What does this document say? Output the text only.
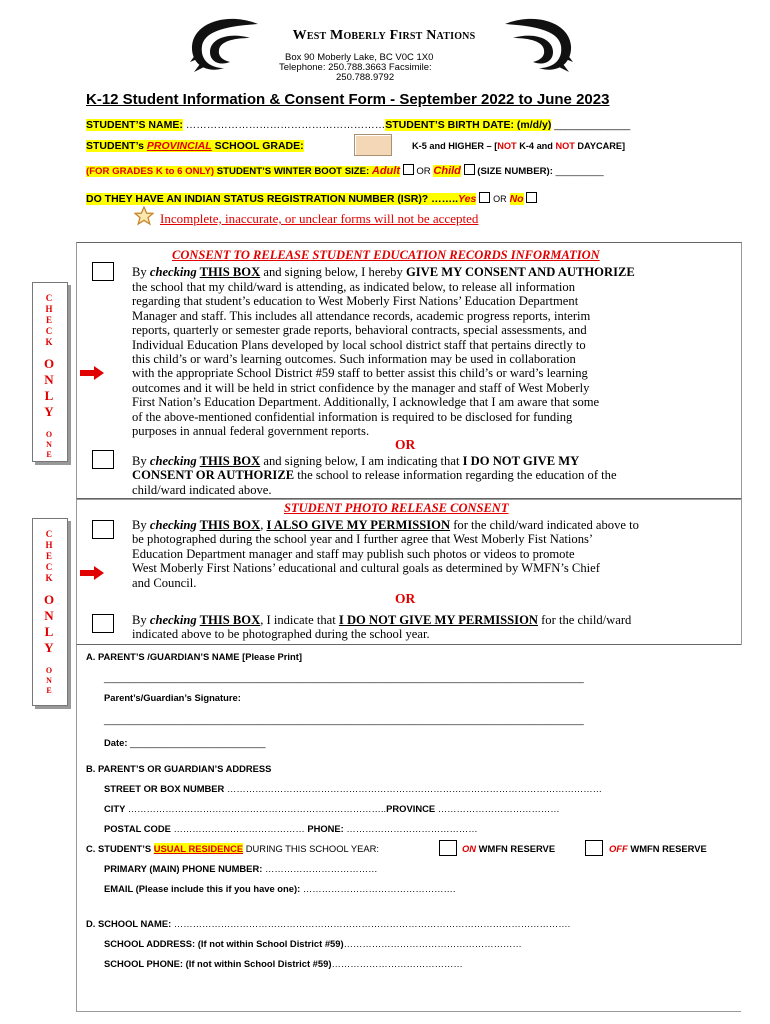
West Moberly First Nations
Box 90 Moberly Lake, BC V0C 1X0
Telephone: 250.788.3663 Facsimile:
250.788.9792
K-12 Student Information & Consent Form - September 2022 to June 2023
STUDENT’S NAME: …………………………………………………STUDENT’S BIRTH DATE: (m/d/y) _____________
STUDENT’s PROVINCIAL SCHOOL GRADE:	K-5 and HIGHER – [NOT K-4 and NOT DAYCARE]
(FOR GRADES K to 6 ONLY) STUDENT’S WINTER BOOT SIZE: Adult OR Child (SIZE NUMBER): _________
DO THEY HAVE AN INDIAN STATUS REGISTRATION NUMBER (ISR)? ……..Yes OR No
Incomplete, inaccurate, or unclear forms will not be accepted
C
H
E
C
K
O
N
L
Y
O
N
E
C
H
E
C
K
O
N
L
Y
O
N
E
CONSENT TO RELEASE STUDENT EDUCATION RECORDS INFORMATION
By checking THIS BOX and signing below, I hereby GIVE MY CONSENT AND AUTHORIZE
the school that my child/ward is attending, as indicated below, to release all information
regarding that student’s education to West Moberly First Nations’ Education Department
Manager and staff. This includes all attendance records, academic progress reports, interim
reports, quarterly or semester grade reports, behavioral contracts, special assessments, and
Individual Education Plans developed by local school district staff that pertains directly to
this child’s or ward’s learning outcomes. Such information may be used in collaboration
with the appropriate School District #59 staff to better assist this child’s or ward’s learning
outcomes and it will be held in strict confidence by the manager and staff of West Moberly
First Nation’s Education Department. Additionally, I acknowledge that I am aware that some
of the above-mentioned confidential information is required to be disclosed for funding
purposes in annual federal government reports.
OR
By checking THIS BOX and signing below, I am indicating that I DO NOT GIVE MY
CONSENT OR AUTHORIZE the school to release information regarding the education of the
child/ward indicated above.
STUDENT PHOTO RELEASE CONSENT
By checking THIS BOX, I ALSO GIVE MY PERMISSION for the child/ward indicated above to
be photographed during the school year and I further agree that West Moberly Fist Nations’
Education Department manager and staff may publish such photos or videos to promote
West Moberly First Nations’ educational and cultural goals as determined by WMFN’s Chief
and Council.
OR
By checking THIS BOX, I indicate that I DO NOT GIVE MY PERMISSION for the child/ward
indicated above to be photographed during the school year.
A. PARENT’S /GUARDIAN’S NAME [Please Print]
____________________________________________________________________________________________
Parent’s/Guardian’s Signature:
____________________________________________________________________________________________
Date: __________________________
B. PARENT’S OR GUARDIAN’S ADDRESS
STREET OR BOX NUMBER …………………………………………………………………………………………………………
CITY ………………………………………………………………………..PROVINCE …………………………………
POSTAL CODE …………………………………… PHONE: ……………………………………
C. STUDENT’S USUAL RESIDENCE DURING THIS SCHOOL YEAR:	ON WMFN RESERVE	OFF WMFN RESERVE
PRIMARY (MAIN) PHONE NUMBER: ………………………………
EMAIL (Please include this if you have one): ………………………………………….
D. SCHOOL NAME: ……………………………………………………………………………………………………………….
SCHOOL ADDRESS: (If not within School District #59)…………………………………………………
SCHOOL PHONE: (If not within School District #59)……………………………………
